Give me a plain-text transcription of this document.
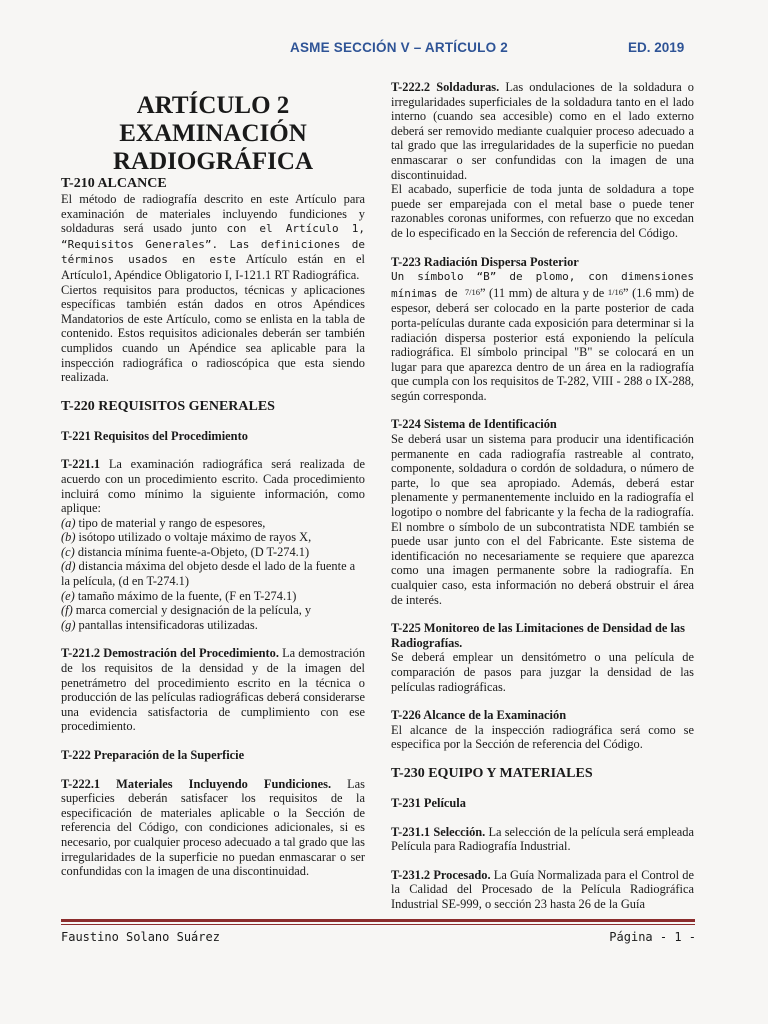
ASME SECCIÓN V – ARTÍCULO 2	ED. 2019
ARTÍCULO 2
EXAMINACIÓN
RADIOGRÁFICA
T-210 ALCANCE

El método de radiografía descrito en este Artículo para examinación de materiales incluyendo fundiciones y soldaduras será usado junto con el Artículo 1, “Requisitos Generales”. Las definiciones de términos usados en este Artículo están en el Artículo1, Apéndice Obligatorio I, I-121.1 RT Radiográfica.

Ciertos requisitos para productos, técnicas y aplicaciones específicas también están dados en otros Apéndices Mandatorios de este Artículo, como se enlista en la tabla de contenido. Estos requisitos adicionales deberán ser también cumplidos cuando un Apéndice sea aplicable para la inspección radiográfica o radioscópica que esta siendo realizada.

T-220 REQUISITOS GENERALES
T-221 Requisitos del Procedimiento

T-221.1 La examinación radiográfica será realizada de acuerdo con un procedimiento escrito. Cada procedimiento incluirá como mínimo la siguiente información, como aplique:

(a) tipo de material y rango de espesores,
(b) isótopo utilizado o voltaje máximo de rayos X,
(c) distancia mínima fuente-a-Objeto, (D T-274.1)
(d) distancia máxima del objeto desde el lado de la fuente a la película, (d en T-274.1)
(e) tamaño máximo de la fuente, (F en T-274.1)
(f) marca comercial y designación de la película, y
(g) pantallas intensificadoras utilizadas.

T-221.2 Demostración del Procedimiento. La demostración de los requisitos de la densidad y de la imagen del penetrámetro del procedimiento escrito en la técnica o producción de las películas radiográficas deberá considerarse una evidencia satisfactoria de cumplimiento con ese procedimiento.

T-222 Preparación de la Superficie

T-222.1 Materiales Incluyendo Fundiciones. Las superficies deberán satisfacer los requisitos de la especificación de materiales aplicable o la Sección de referencia del Código, con condiciones adicionales, si es necesario, por cualquier proceso adecuado a tal grado que las irregularidades de la superficie no puedan enmascarar o ser confundidas con la imagen de una discontinuidad.

T-222.2 Soldaduras. Las ondulaciones de la soldadura o irregularidades superficiales de la soldadura tanto en el lado interno (cuando sea accesible) como en el lado externo deberá ser removido mediante cualquier proceso adecuado a tal grado que las irregularidades de la superficie no puedan enmascarar o ser confundidas con la imagen de una discontinuidad.

El acabado, superficie de toda junta de soldadura a tope puede ser emparejada con el metal base o puede tener razonables coronas uniformes, con refuerzo que no excedan de lo especificado en la Sección de referencia del Código.

T-223 Radiación Dispersa Posterior

Un símbolo “B” de plomo, con dimensiones mínimas de $^{7/16}$” (11 mm) de altura y de $^{1/16}$” (1.6 mm) de espesor, deberá ser colocado en la parte posterior de cada porta-películas durante cada exposición para determinar si la radiación dispersa posterior está exponiendo la película radiográfica. El símbolo principal "B" se colocará en un lugar para que aparezca dentro de un área en la radiografía que cumpla con los requisitos de T-282, VIII - 288 o IX-288, según corresponda.

T-224 Sistema de Identificación

Se deberá usar un sistema para producir una identificación permanente en cada radiografía rastreable al contrato, componente, soldadura o cordón de soldadura, o número de parte, lo que sea apropiado. Además, deberá estar plenamente y permanentemente incluido en la radiografía el logotipo o nombre del fabricante y la fecha de la radiografía. El nombre o símbolo de un subcontratista NDE también se puede usar junto con el del Fabricante. Este sistema de identificación no necesariamente se requiere que aparezca como una imagen permanente sobre la radiografía. En cualquier caso, esta información no deberá obstruir el área de interés.

T-225 Monitoreo de las Limitaciones de Densidad de las Radiografías.

Se deberá emplear un densitómetro o una película de comparación de pasos para juzgar la densidad de las películas radiográficas.

T-226 Alcance de la Examinación

El alcance de la inspección radiográfica será como se especifica por la Sección de referencia del Código.

T-230 EQUIPO Y MATERIALES
T-231 Película

T-231.1 Selección. La selección de la película será empleada Película para Radiografía Industrial.

T-231.2 Procesado. La Guía Normalizada para el Control de la Calidad del Procesado de la Película Radiográfica Industrial SE-999, o sección 23 hasta 26 de la Guía

Faustino Solano Suárez	Página - 1 -
